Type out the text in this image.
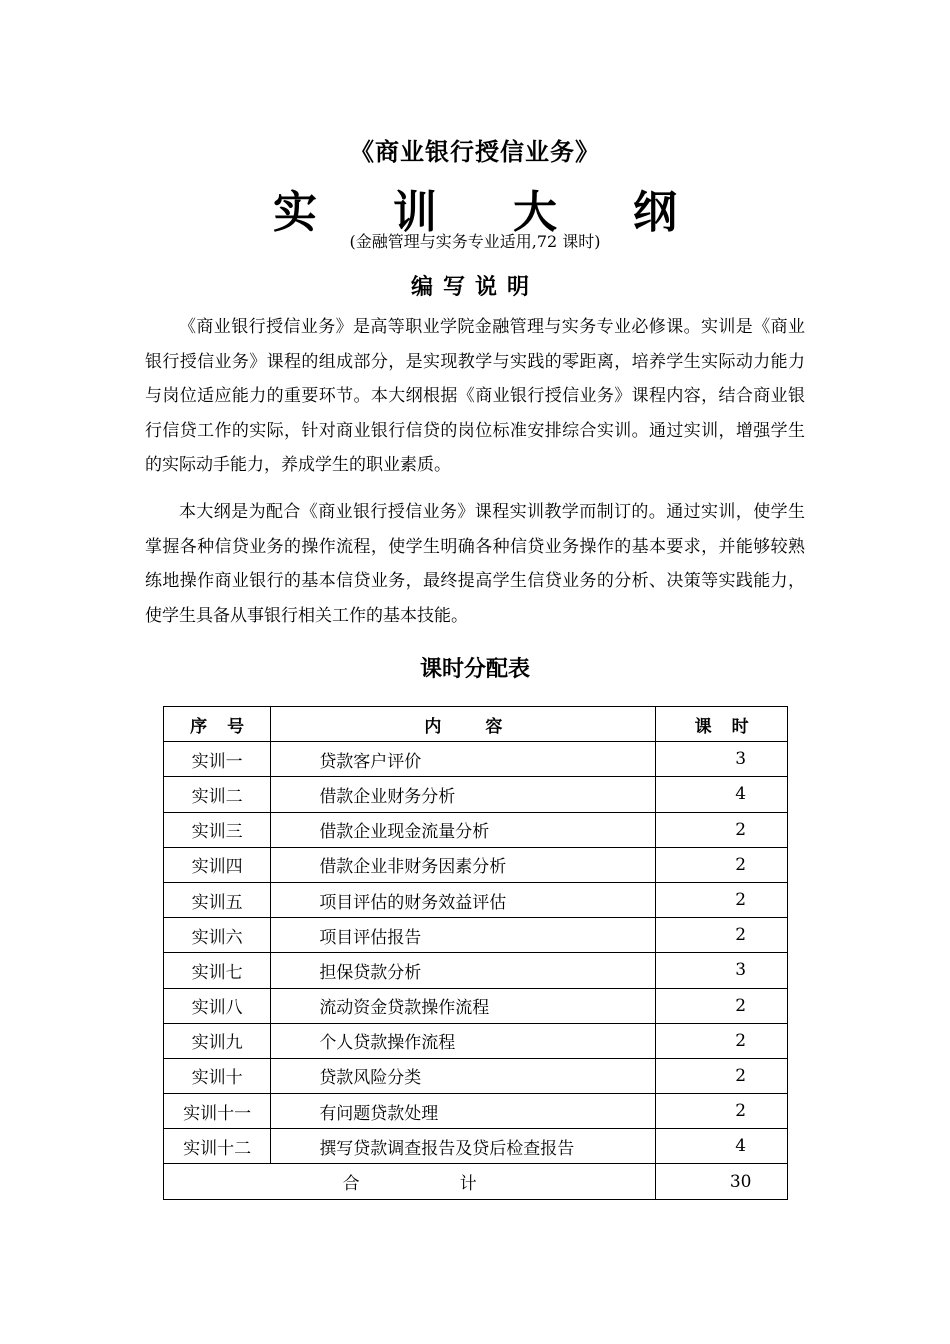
《商业银行授信业务》
实 训 大 纲
(金融管理与实务专业适用,72 课时)
编写说明

《商业银行授信业务》是高等职业学院金融管理与实务专业必修课。实训是《商业银行授信业务》课程的组成部分，是实现教学与实践的零距离，培养学生实际动力能力与岗位适应能力的重要环节。本大纲根据《商业银行授信业务》课程内容，结合商业银行信贷工作的实际，针对商业银行信贷的岗位标准安排综合实训。通过实训，增强学生的实际动手能力，养成学生的职业素质。

本大纲是为配合《商业银行授信业务》课程实训教学而制订的。通过实训，使学生掌握各种信贷业务的操作流程，使学生明确各种信贷业务操作的基本要求，并能够较熟练地操作商业银行的基本信贷业务，最终提高学生信贷业务的分析、决策等实践能力，使学生具备从事银行相关工作的基本技能。

课时分配表
序 号	内 容	课 时
实训一	贷款客户评价	3
实训二	借款企业财务分析	4
实训三	借款企业现金流量分析	2
实训四	借款企业非财务因素分析	2
实训五	项目评估的财务效益评估	2
实训六	项目评估报告	2
实训七	担保贷款分析	3
实训八	流动资金贷款操作流程	2
实训九	个人贷款操作流程	2
实训十	贷款风险分类	2
实训十一	有问题贷款处理	2
实训十二	撰写贷款调查报告及贷后检查报告	4
合 计		30
